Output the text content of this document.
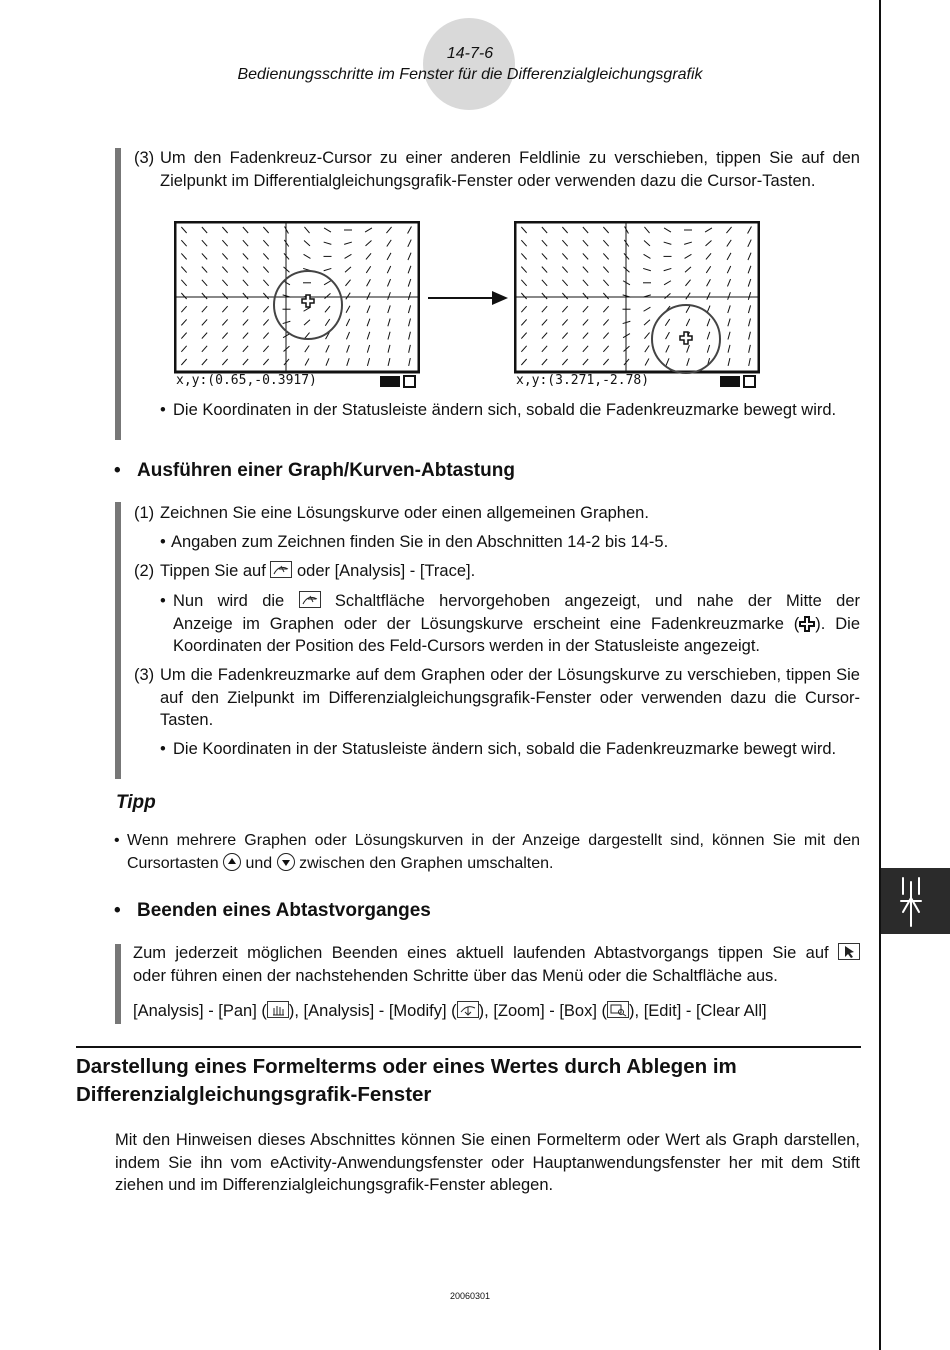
14-7-6
Bedienungsschritte im Fenster für die Differenzialgleichungsgrafik
(3) Um den Fadenkreuz-Cursor zu einer anderen Feldlinie zu verschieben, tippen Sie auf den Zielpunkt im Differentialgleichungsgrafik-Fenster oder verwenden dazu die Cursor-Tasten.
x,y:(0.65,-0.3917)	x,y:(3.271,-2.78)
• Die Koordinaten in der Statusleiste ändern sich, sobald die Fadenkreuzmarke bewegt wird.
• Ausführen einer Graph/Kurven-Abtastung
(1) Zeichnen Sie eine Lösungskurve oder einen allgemeinen Graphen.
• Angaben zum Zeichnen finden Sie in den Abschnitten 14-2 bis 14-5.
(2) Tippen Sie auf oder [Analysis] - [Trace].
• Nun wird die	Schaltfläche hervorgehoben angezeigt, und nahe der Mitte der
Anzeige im Graphen oder der Lösungskurve erscheint eine Fadenkreuzmarke ( ). Die
Koordinaten der Position des Feld-Cursors werden in der Statusleiste angezeigt.
(3) Um die Fadenkreuzmarke auf dem Graphen oder der Lösungskurve zu verschieben, tippen Sie auf den Zielpunkt im Differenzialgleichungsgrafik-Fenster oder verwenden dazu die Cursor-Tasten.
• Die Koordinaten in der Statusleiste ändern sich, sobald die Fadenkreuzmarke bewegt wird.
Tipp
• Wenn mehrere Graphen oder Lösungskurven in der Anzeige dargestellt sind, können Sie mit den
Cursortasten und zwischen den Graphen umschalten.
• Beenden eines Abtastvorganges
Zum jederzeit möglichen Beenden eines aktuell laufenden Abtastvorgangs tippen Sie auf
oder führen einen der nachstehenden Schritte über das Menü oder die Schaltfläche aus.
[Analysis] - [Pan] ( ), [Analysis] - [Modify] ( ), [Zoom] - [Box] ( ), [Edit] - [Clear All]
Darstellung eines Formelterms oder eines Wertes durch Ablegen im
Differenzialgleichungsgrafik-Fenster
Mit den Hinweisen dieses Abschnittes können Sie einen Formelterm oder Wert als Graph darstellen, indem Sie ihn vom eActivity-Anwendungsfenster oder Hauptanwendungsfenster her mit dem Stift ziehen und im Differenzialgleichungsgrafik-Fenster ablegen.
20060301
